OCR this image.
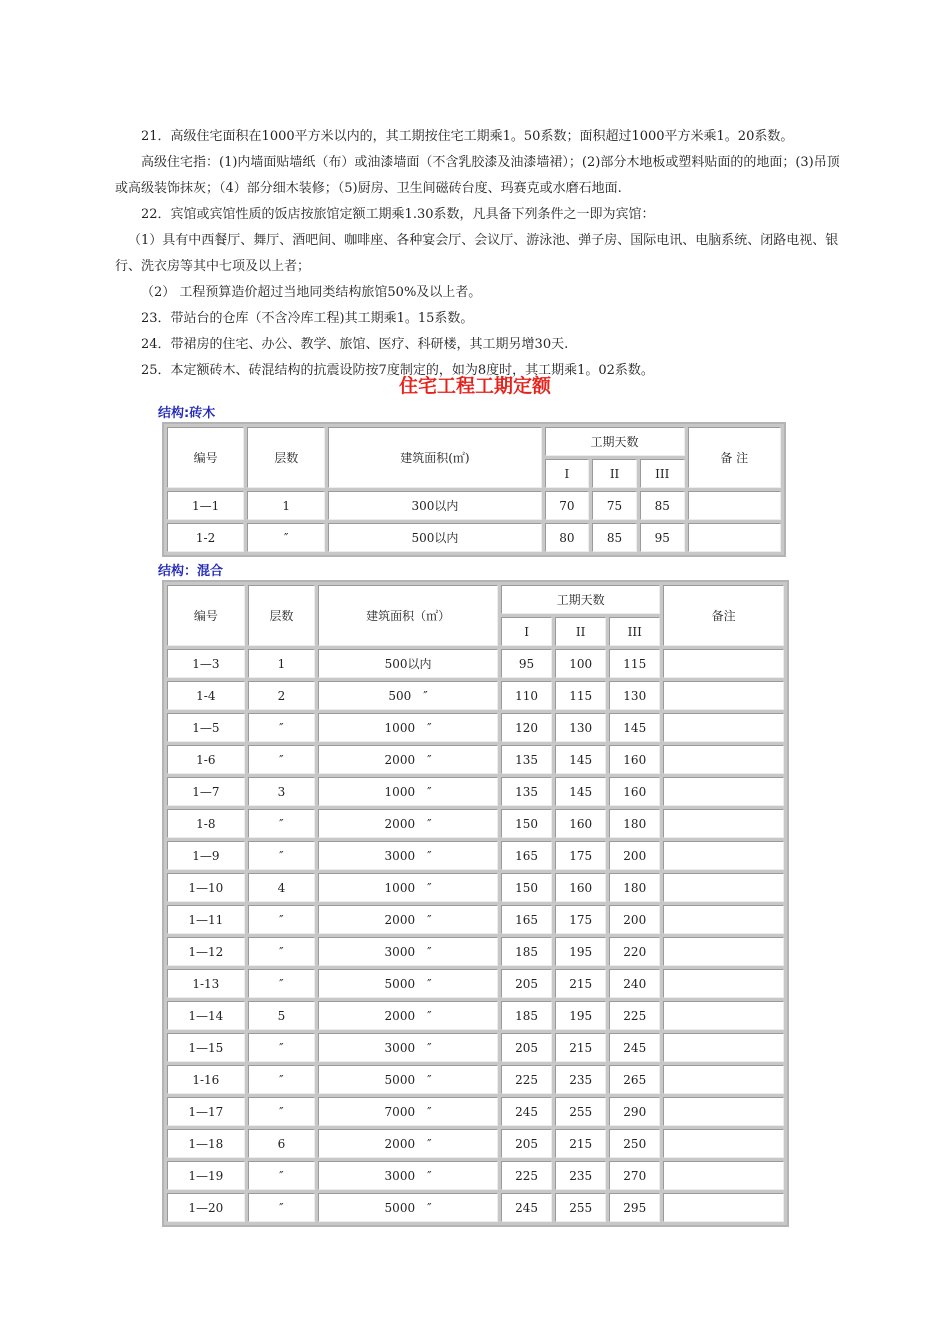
21．高级住宅面积在1000平方米以内的，其工期按住宅工期乘1。50系数；面积超过1000平方米乘1。20系数。

高级住宅指：(1)内墙面贴墙纸（布）或油漆墙面（不含乳胶漆及油漆墙裙）；(2)部分木地板或塑料贴面的的地面；(3)吊顶或高级装饰抹灰；（4）部分细木装修；（5)厨房、卫生间磁砖台度、玛赛克或水磨石地面.

22．宾馆或宾馆性质的饭店按旅馆定额工期乘1.30系数，凡具备下列条件之一即为宾馆：

（1）具有中西餐厅、舞厅、酒吧间、咖啡座、各种宴会厅、会议厅、游泳池、弹子房、国际电讯、电脑系统、闭路电视、银行、洗衣房等其中七项及以上者；

（2） 工程预算造价超过当地同类结构旅馆50%及以上者。

23．带站台的仓库（不含冷库工程)其工期乘1。15系数。

24．带裙房的住宅、办公、教学、旅馆、医疗、科研楼，其工期另增30天.

25．本定额砖木、砖混结构的抗震设防按7度制定的，如为8度时，其工期乘1。02系数。

住宅工程工期定额

结构:砖木

编号	层数	建筑面积(㎡)	工期天数			备 注
			I	II	III	
1—1	1	300以内	70	75	85	
1-2	″	500以内	80	85	95	

结构：混合

编号	层数	建筑面积（㎡）	工期天数			备注
			I	II	III	
1—3	1	500以内	95	100	115	
1-4	2	500　″	110	115	130	
1—5	″	1000　″	120	130	145	
1-6	″	2000　″	135	145	160	
1—7	3	1000　″	135	145	160	
1-8	″	2000　″	150	160	180	
1—9	″	3000　″	165	175	200	
1—10	4	1000　″	150	160	180	
1—11	″	2000　″	165	175	200	
1—12	″	3000　″	185	195	220	
1-13	″	5000　″	205	215	240	
1—14	5	2000　″	185	195	225	
1—15	″	3000　″	205	215	245	
1-16	″	5000　″	225	235	265	
1—17	″	7000　″	245	255	290	
1—18	6	2000　″	205	215	250	
1—19	″	3000　″	225	235	270	
1—20	″	5000　″	245	255	295	
